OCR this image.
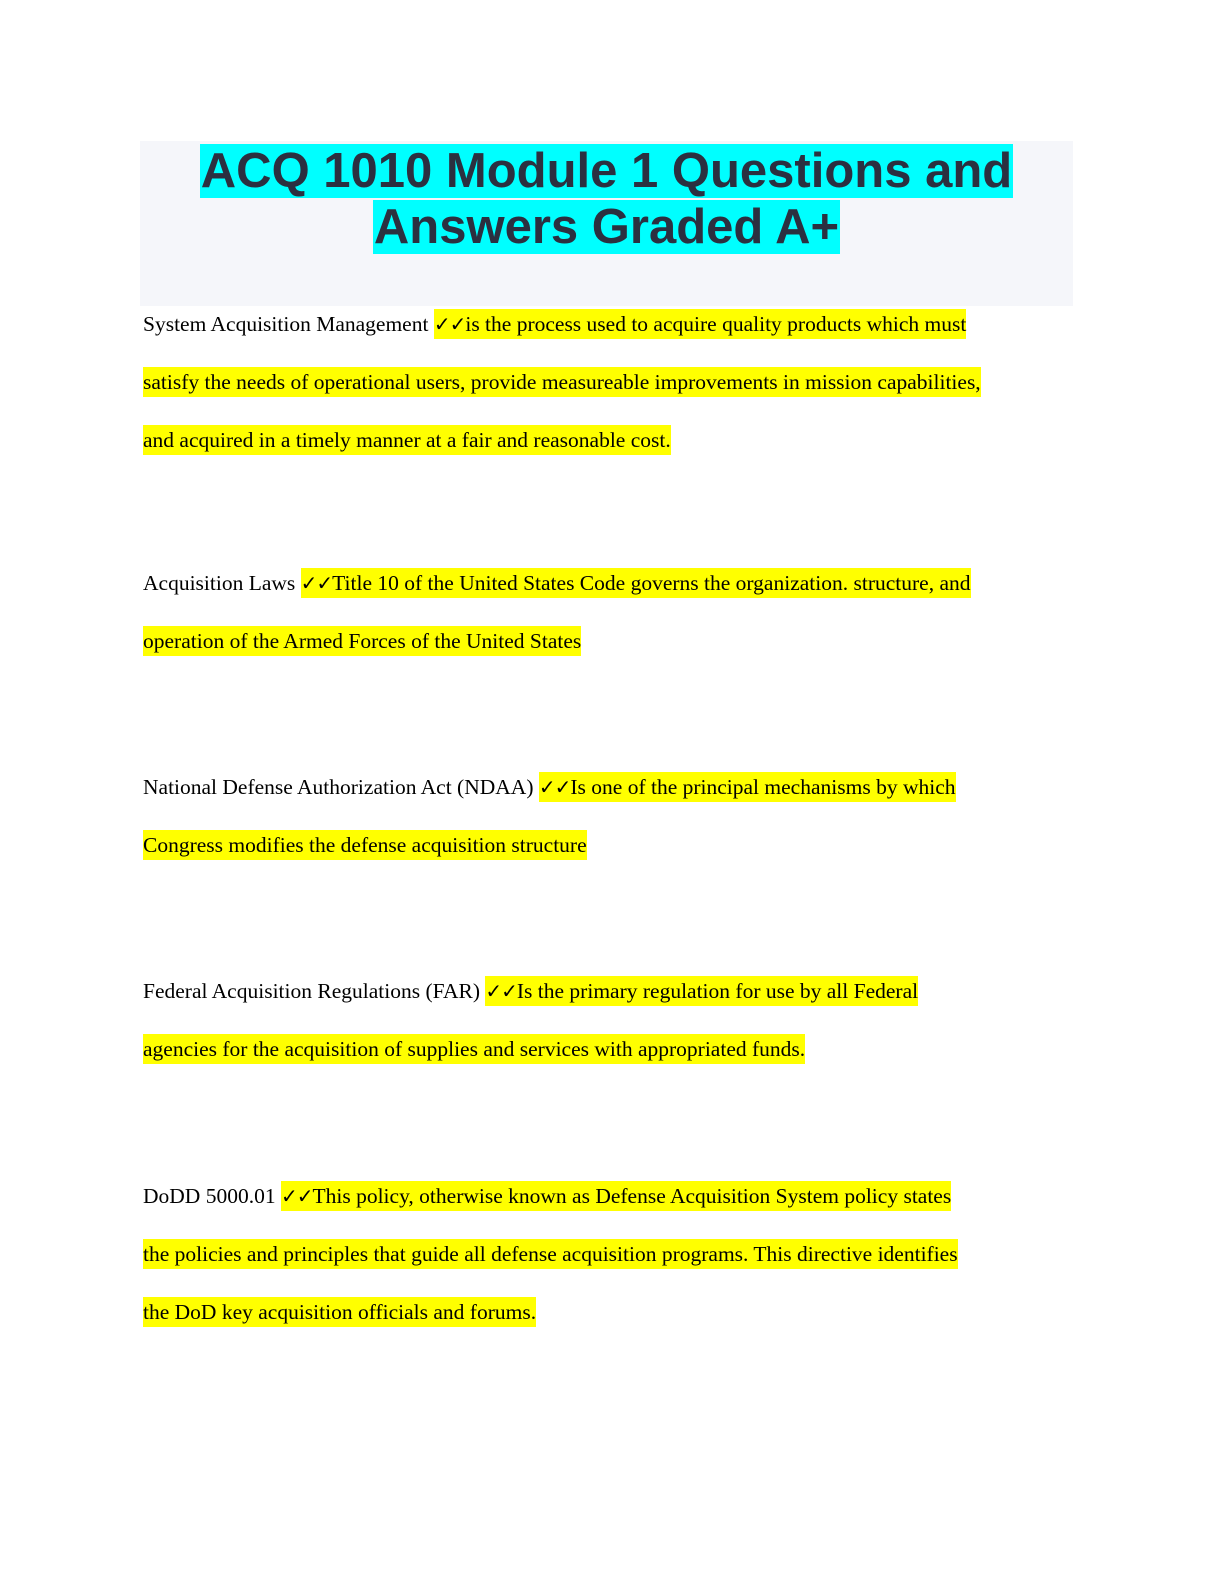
ACQ 1010 Module 1 Questions and
Answers Graded A+
System Acquisition Management ✓✓is the process used to acquire quality products which must
satisfy the needs of operational users, provide measureable improvements in mission capabilities,
and acquired in a timely manner at a fair and reasonable cost.
Acquisition Laws ✓✓Title 10 of the United States Code governs the organization. structure, and
operation of the Armed Forces of the United States
National Defense Authorization Act (NDAA) ✓✓Is one of the principal mechanisms by which
Congress modifies the defense acquisition structure
Federal Acquisition Regulations (FAR) ✓✓Is the primary regulation for use by all Federal
agencies for the acquisition of supplies and services with appropriated funds.
DoDD 5000.01 ✓✓This policy, otherwise known as Defense Acquisition System policy states
the policies and principles that guide all defense acquisition programs. This directive identifies
the DoD key acquisition officials and forums.
